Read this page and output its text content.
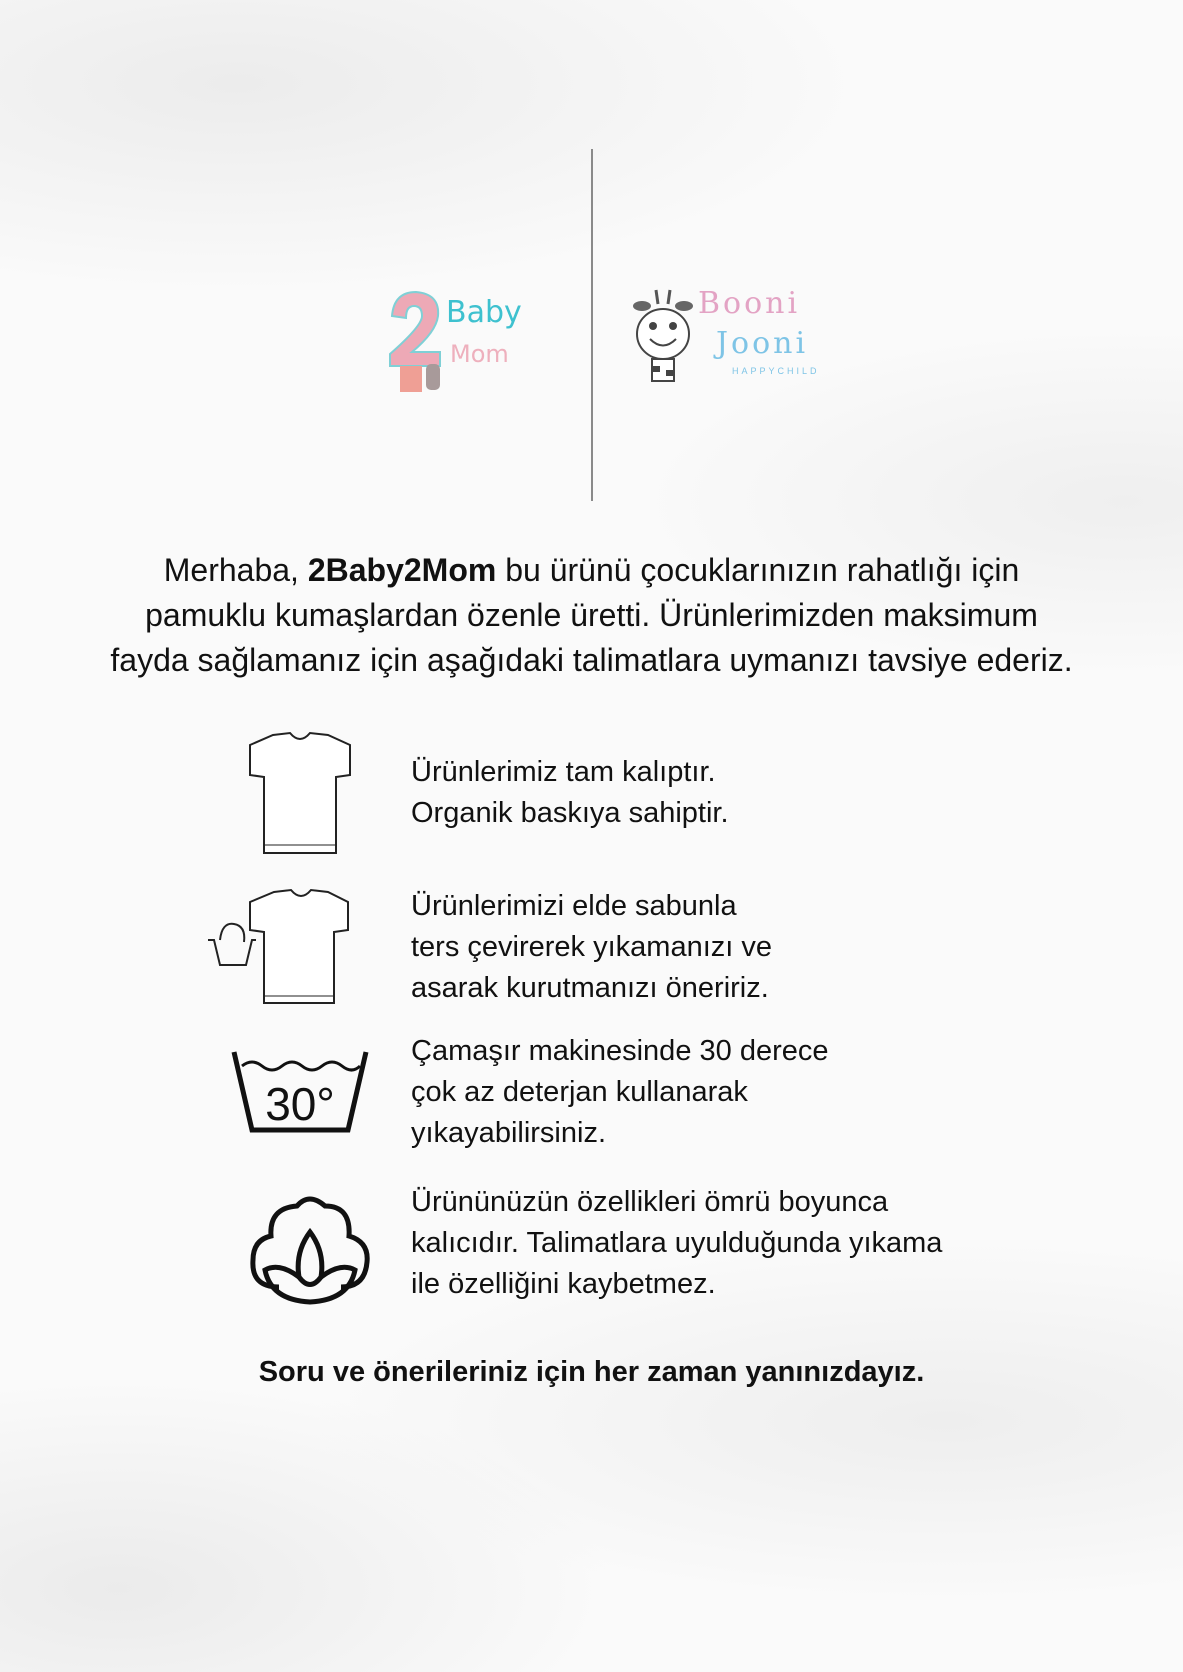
Baby
Mom
Booni
Jooni
HAPPYCHILD
Merhaba, 2Baby2Mom bu ürünü çocuklarınızın rahatlığı için
pamuklu kumaşlardan özenle üretti. Ürünlerimizden maksimum
fayda sağlamanız için aşağıdaki talimatlara uymanızı tavsiye ederiz.
30°
Ürünlerimiz tam kalıptır.
Organik baskıya sahiptir.
Ürünlerimizi elde sabunla
ters çevirerek yıkamanızı ve
asarak kurutmanızı öneririz.
Çamaşır makinesinde 30 derece
çok az deterjan kullanarak
yıkayabilirsiniz.
Ürününüzün özellikleri ömrü boyunca
kalıcıdır. Talimatlara uyulduğunda yıkama
ile özelliğini kaybetmez.
Soru ve önerileriniz için her zaman yanınızdayız.
